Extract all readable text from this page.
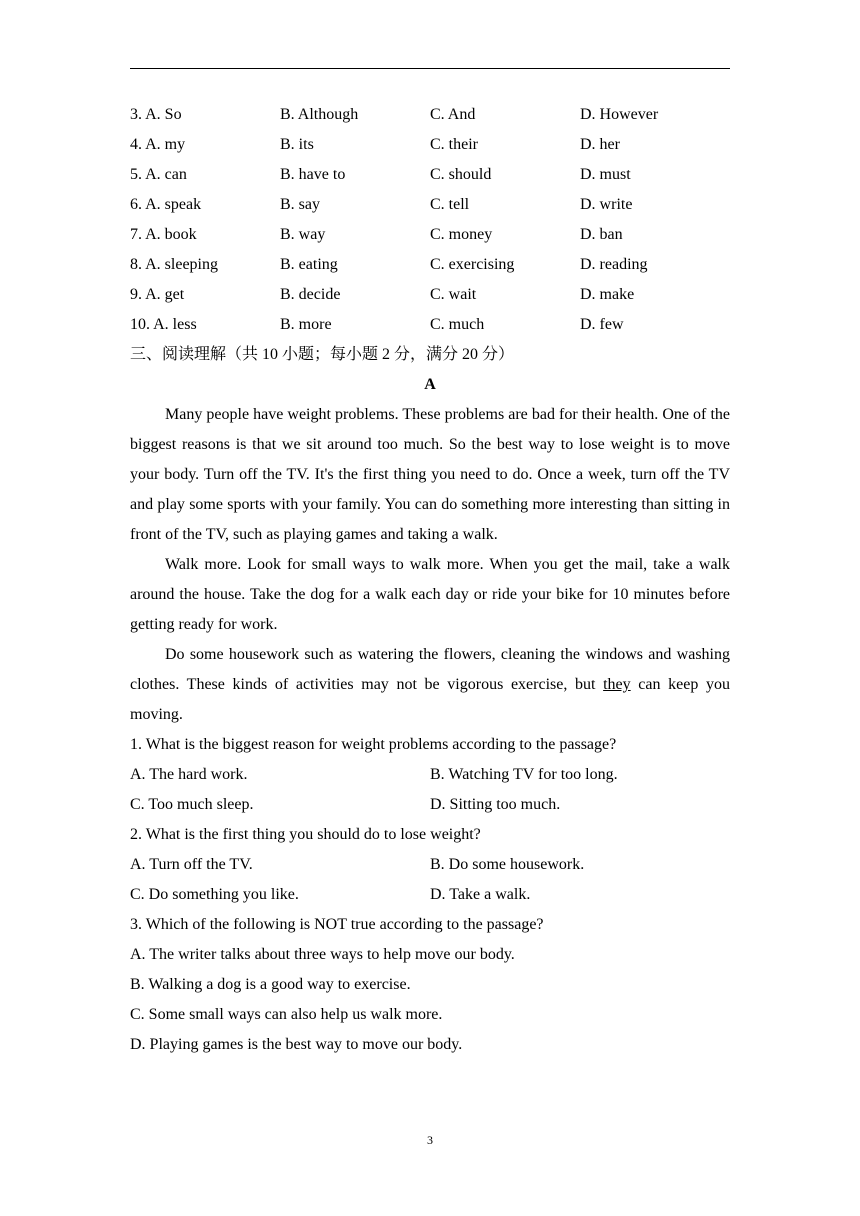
3. A. So	B. Although	C. And	D. However
4. A. my	B. its	C. their	D. her
5. A. can	B. have to	C. should	D. must
6. A. speak	B. say	C. tell	D. write
7. A. book	B. way	C. money	D. ban
8. A. sleeping	B. eating	C. exercising	D. reading
9. A. get	B. decide	C. wait	D. make
10. A. less	B. more	C. much	D. few
三、阅读理解（共 10 小题；每小题 2 分，满分 20 分）
A
Many people have weight problems. These problems are bad for their health. One of the biggest reasons is that we sit around too much. So the best way to lose weight is to move your body. Turn off the TV. It's the first thing you need to do. Once a week, turn off the TV and play some sports with your family. You can do something more interesting than sitting in front of the TV, such as playing games and taking a walk.
Walk more. Look for small ways to walk more. When you get the mail, take a walk around the house. Take the dog for a walk each day or ride your bike for 10 minutes before getting ready for work.
Do some housework such as watering the flowers, cleaning the windows and washing clothes. These kinds of activities may not be vigorous exercise, but they can keep you moving.
1. What is the biggest reason for weight problems according to the passage?
A. The hard work.	B. Watching TV for too long.
C. Too much sleep.	D. Sitting too much.
2. What is the first thing you should do to lose weight?
A. Turn off the TV.	B. Do some housework.
C. Do something you like.	D. Take a walk.
3. Which of the following is NOT true according to the passage?
A. The writer talks about three ways to help move our body.
B. Walking a dog is a good way to exercise.
C. Some small ways can also help us walk more.
D. Playing games is the best way to move our body.
3
